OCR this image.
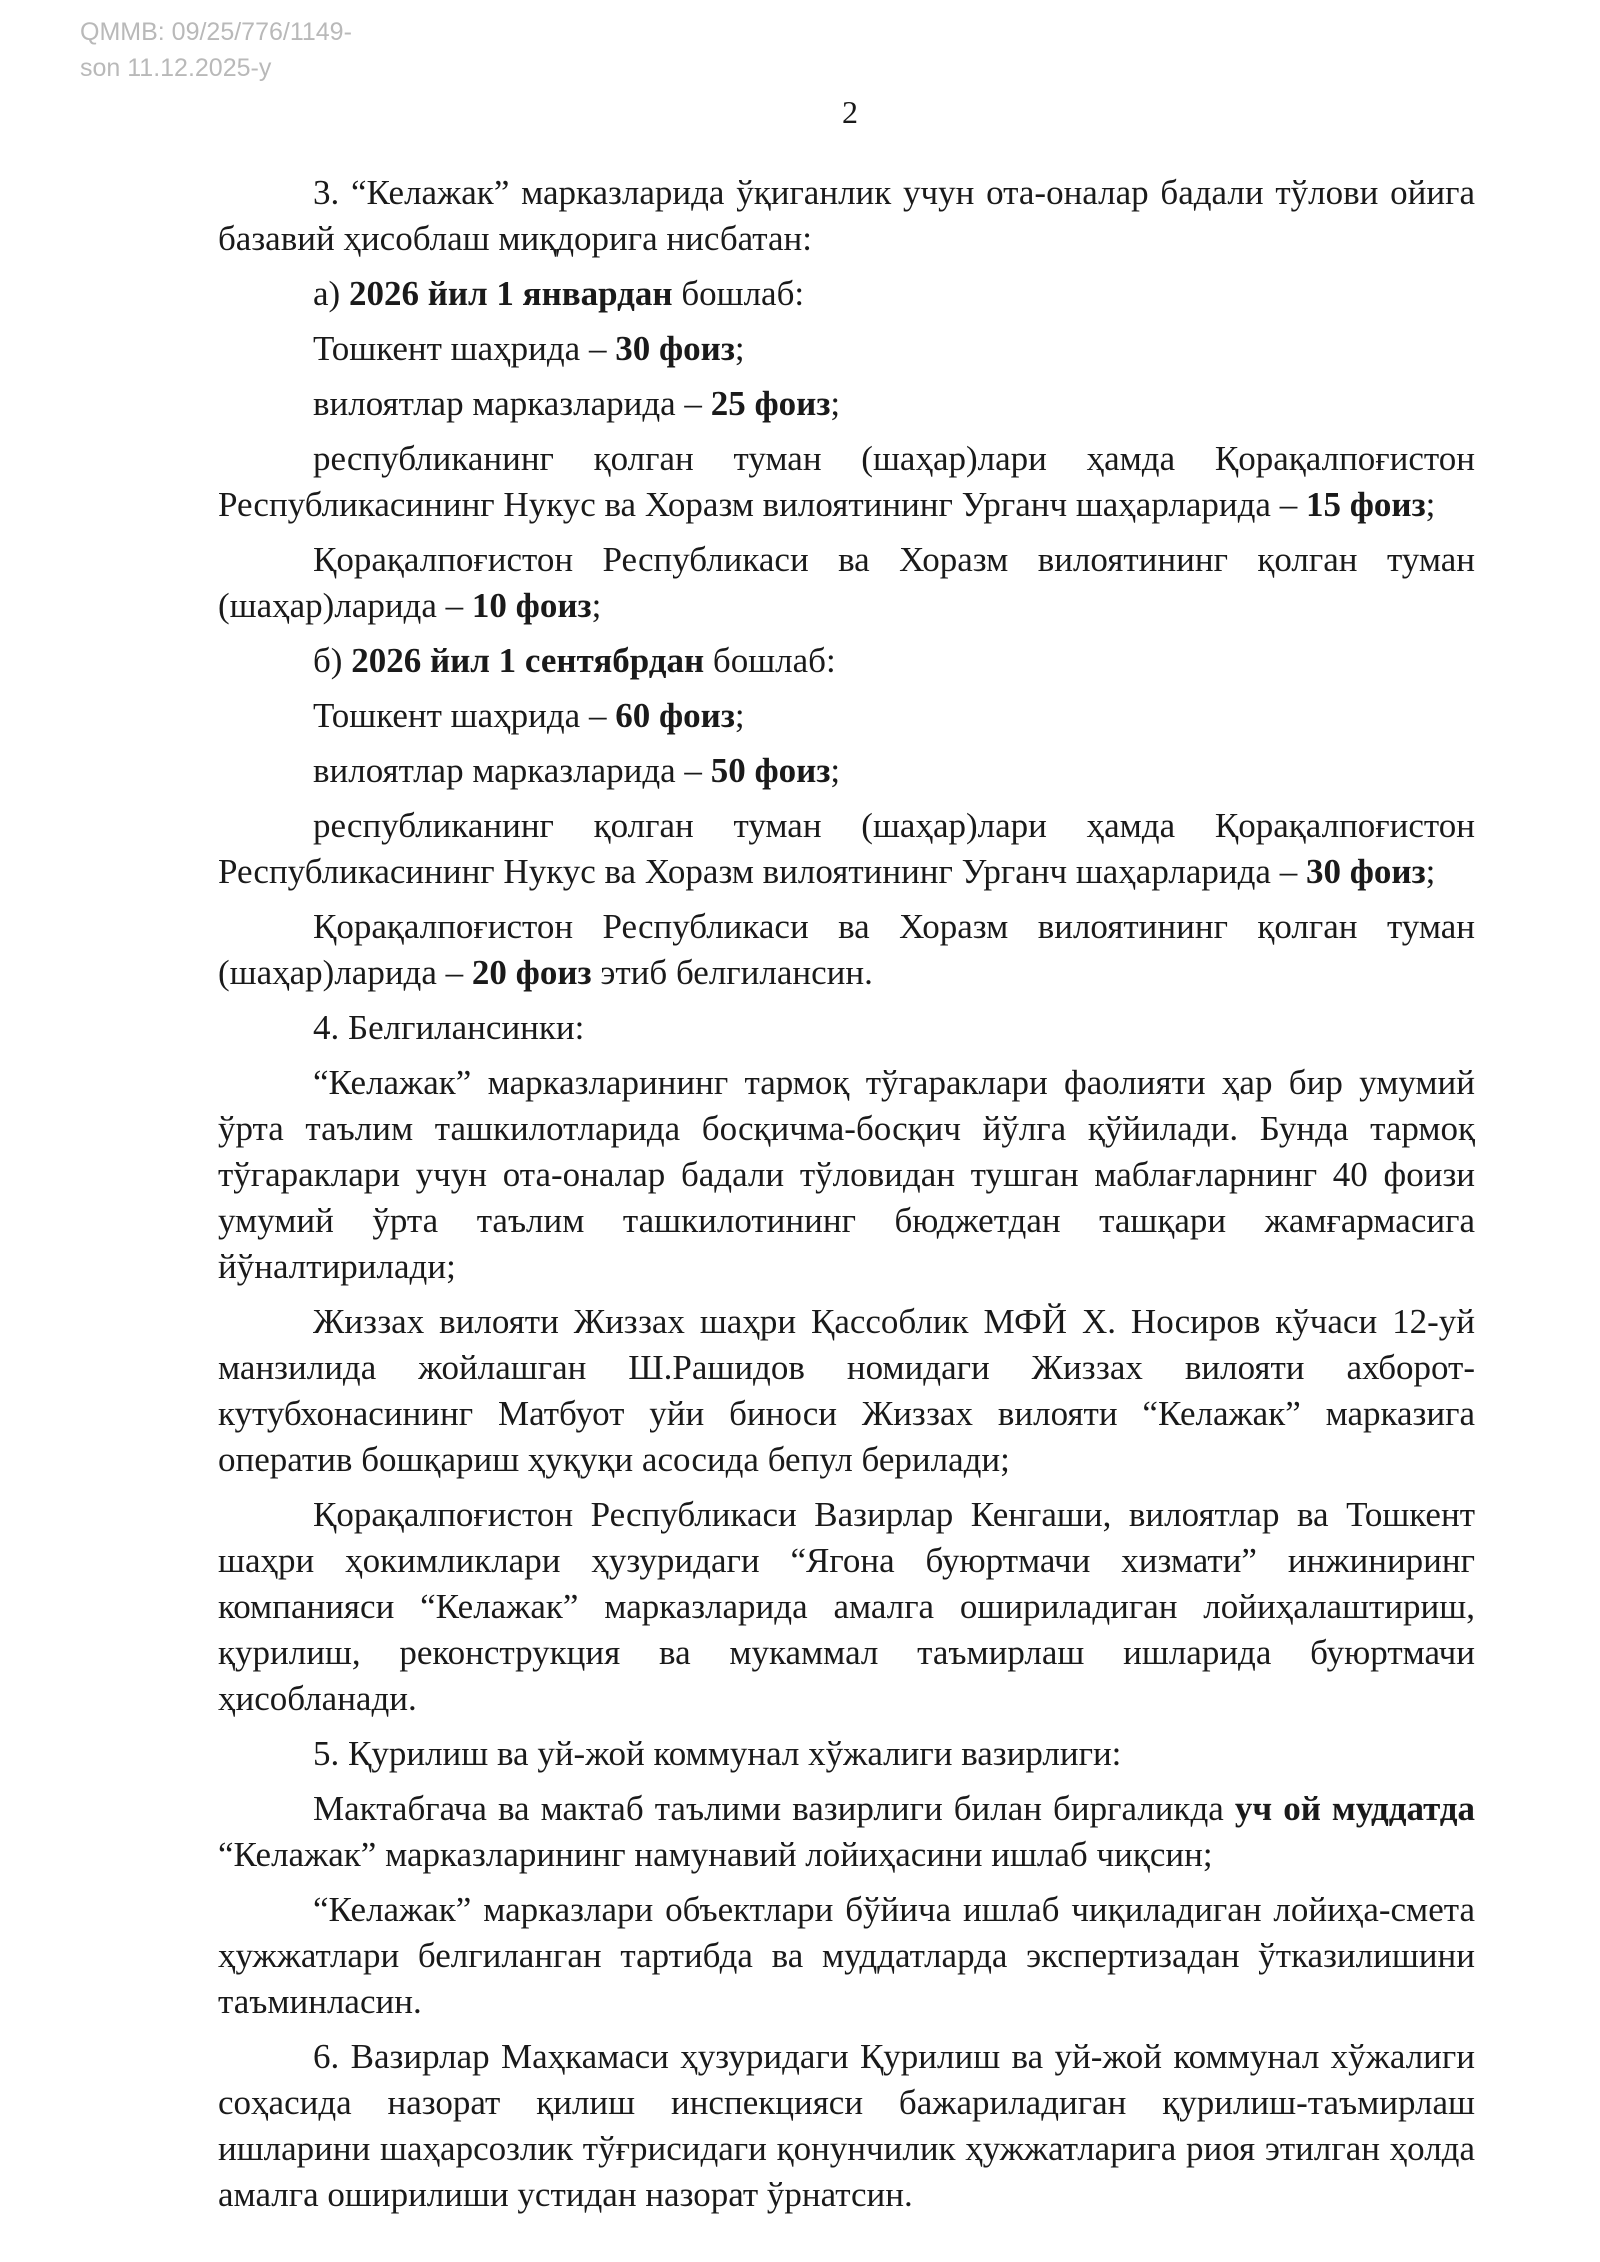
QMMB: 09/25/776/1149-
son 11.12.2025-y
2

3. “Келажак” марказларида ўқиганлик учун ота-оналар бадали тўлови ойига базавий ҳисоблаш миқдорига нисбатан:

а) 2026 йил 1 январдан бошлаб:

Тошкент шаҳрида – 30 фоиз;

вилоятлар марказларида – 25 фоиз;

республиканинг қолган туман (шаҳар)лари ҳамда Қорақалпоғистон Республикасининг Нукус ва Хоразм вилоятининг Урганч шаҳарларида – 15 фоиз;

Қорақалпоғистон Республикаси ва Хоразм вилоятининг қолган туман (шаҳар)ларида – 10 фоиз;

б) 2026 йил 1 сентябрдан бошлаб:

Тошкент шаҳрида – 60 фоиз;

вилоятлар марказларида – 50 фоиз;

республиканинг қолган туман (шаҳар)лари ҳамда Қорақалпоғистон Республикасининг Нукус ва Хоразм вилоятининг Урганч шаҳарларида – 30 фоиз;

Қорақалпоғистон Республикаси ва Хоразм вилоятининг қолган туман (шаҳар)ларида – 20 фоиз этиб белгилансин.

4. Белгилансинки:

“Келажак” марказларининг тармоқ тўгараклари фаолияти ҳар бир умумий ўрта таълим ташкилотларида босқичма-босқич йўлга қўйилади. Бунда тармоқ тўгараклари учун ота-оналар бадали тўловидан тушган маблағларнинг 40 фоизи умумий ўрта таълим ташкилотининг бюджетдан ташқари жамғармасига йўналтирилади;

Жиззах вилояти Жиззах шаҳри Қассоблик МФЙ Х. Носиров кўчаси 12-уй манзилида жойлашган Ш.Рашидов номидаги Жиззах вилояти ахборот-кутубхонасининг Матбуот уйи биноси Жиззах вилояти “Келажак” марказига оператив бошқариш ҳуқуқи асосида бепул берилади;

Қорақалпоғистон Республикаси Вазирлар Кенгаши, вилоятлар ва Тошкент шаҳри ҳокимликлари ҳузуридаги “Ягона буюртмачи хизмати” инжиниринг компанияси “Келажак” марказларида амалга ошириладиган лойиҳалаштириш, қурилиш, реконструкция ва мукаммал таъмирлаш ишларида буюртмачи ҳисобланади.

5. Қурилиш ва уй-жой коммунал хўжалиги вазирлиги:

Мактабгача ва мактаб таълими вазирлиги билан биргаликда уч ой муддатда “Келажак” марказларининг намунавий лойиҳасини ишлаб чиқсин;

“Келажак” марказлари объектлари бўйича ишлаб чиқиладиган лойиҳа-смета ҳужжатлари белгиланган тартибда ва муддатларда экспертизадан ўтказилишини таъминласин.

6. Вазирлар Маҳкамаси ҳузуридаги Қурилиш ва уй-жой коммунал хўжалиги соҳасида назорат қилиш инспекцияси бажариладиган қурилиш-таъмирлаш ишларини шаҳарсозлик тўғрисидаги қонунчилик ҳужжатларига риоя этилган ҳолда амалга оширилиши устидан назорат ўрнатсин.
